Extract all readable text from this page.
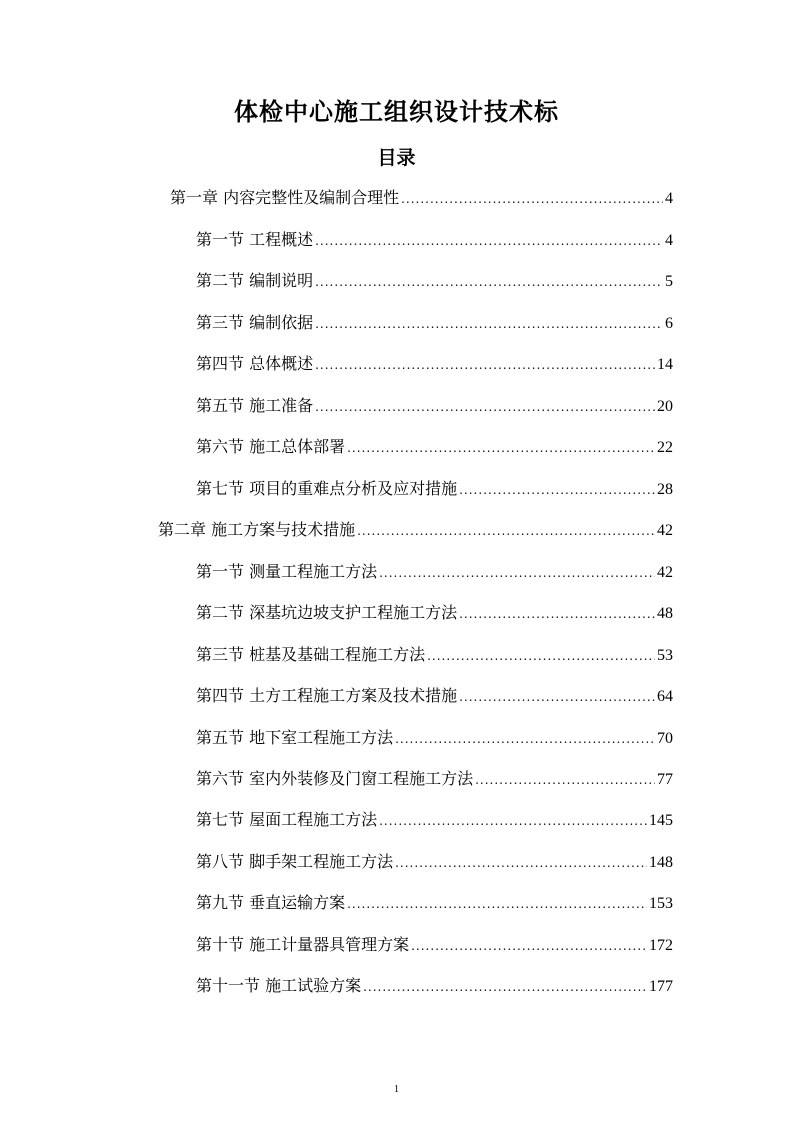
体检中心施工组织设计技术标
目录
第一章 内容完整性及编制合理性 .....	4
第一节 工程概述 .....	4
第二节 编制说明 .....	5
第三节 编制依据 .....	6
第四节 总体概述 .....	14
第五节 施工准备 .....	20
第六节 施工总体部署 .....	22
第七节 项目的重难点分析及应对措施 .....	28
第二章 施工方案与技术措施 .....	42
第一节 测量工程施工方法 .....	42
第二节 深基坑边坡支护工程施工方法 .....	48
第三节 桩基及基础工程施工方法 .....	53
第四节 土方工程施工方案及技术措施 .....	64
第五节 地下室工程施工方法 .....	70
第六节 室内外装修及门窗工程施工方法 .....	77
第七节 屋面工程施工方法 .....	145
第八节 脚手架工程施工方法 .....	148
第九节 垂直运输方案 .....	153
第十节 施工计量器具管理方案 .....	172
第十一节 施工试验方案 .....	177
1
